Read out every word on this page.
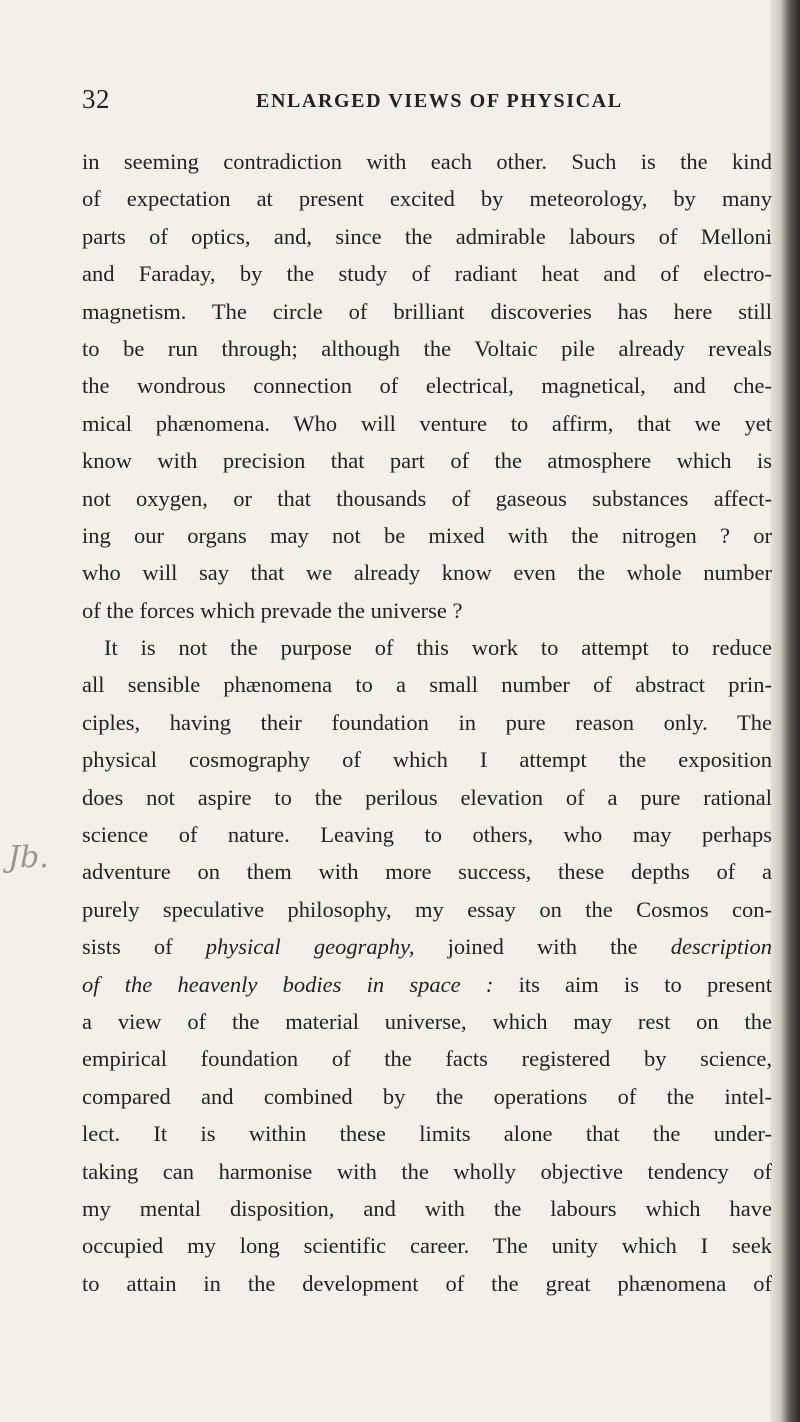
32	ENLARGED VIEWS OF PHYSICAL
Jb.
in seeming contradiction with each other. Such is the kind
of expectation at present excited by meteorology, by many
parts of optics, and, since the admirable labours of Melloni
and Faraday, by the study of radiant heat and of electro-
magnetism. The circle of brilliant discoveries has here still
to be run through; although the Voltaic pile already reveals
the wondrous connection of electrical, magnetical, and che-
mical phænomena. Who will venture to affirm, that we yet
know with precision that part of the atmosphere which is
not oxygen, or that thousands of gaseous substances affect-
ing our organs may not be mixed with the nitrogen ? or
who will say that we already know even the whole number
of the forces which prevade the universe ?
It is not the purpose of this work to attempt to reduce
all sensible phænomena to a small number of abstract prin-
ciples, having their foundation in pure reason only. The
physical cosmography of which I attempt the exposition
does not aspire to the perilous elevation of a pure rational
science of nature. Leaving to others, who may perhaps
adventure on them with more success, these depths of a
purely speculative philosophy, my essay on the Cosmos con-
sists of physical geography, joined with the description
of the heavenly bodies in space : its aim is to present
a view of the material universe, which may rest on the
empirical foundation of the facts registered by science,
compared and combined by the operations of the intel-
lect. It is within these limits alone that the under-
taking can harmonise with the wholly objective tendency of
my mental disposition, and with the labours which have
occupied my long scientific career. The unity which I seek
to attain in the development of the great phænomena of
